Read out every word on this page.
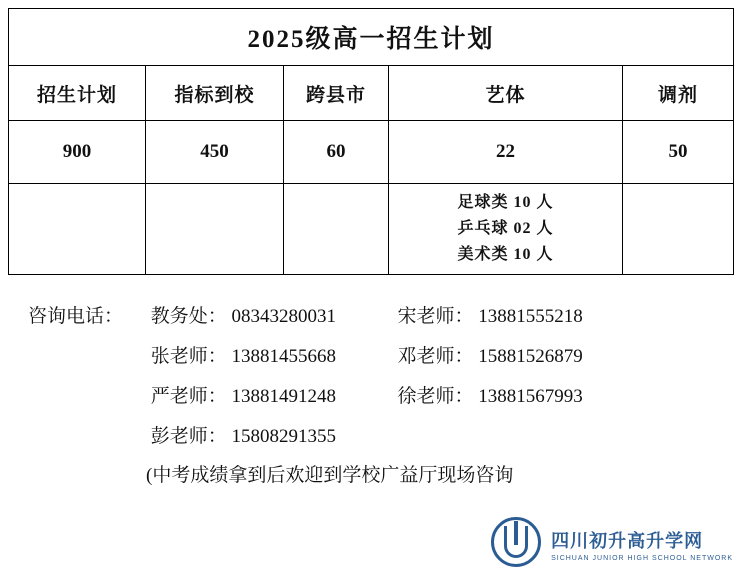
2025级高一招生计划				
招生计划	指标到校	跨县市	艺体	调剂
900	450	60	22	50

			足球类 10 人
乒乓球 02 人
美术类 10 人	

咨询电话： 教务处： 08343280031	宋老师： 13881555218
张老师： 13881455668	邓老师： 15881526879
严老师： 13881491248	徐老师： 13881567993
彭老师： 15808291355
(中考成绩拿到后欢迎到学校广益厅现场咨询
四川初升高升学网
SICHUAN JUNIOR HIGH SCHOOL NETWORK
